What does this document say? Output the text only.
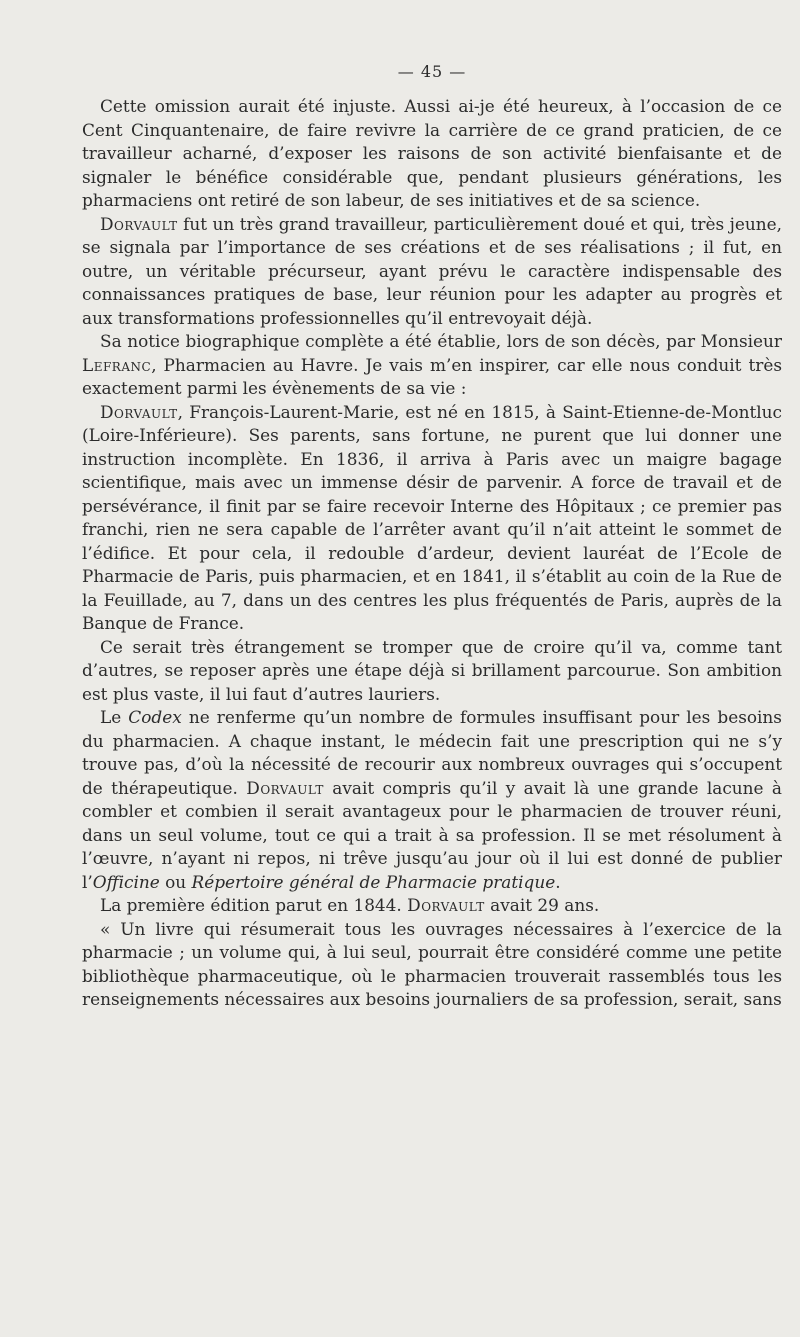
— 45 —

Cette omission aurait été injuste. Aussi ai-je été heureux, à l’occasion de ce Cent Cinquantenaire, de faire revivre la carrière de ce grand praticien, de ce travailleur acharné, d’exposer les raisons de son activité bienfaisante et de signaler le bénéfice considérable que, pendant plusieurs générations, les pharmaciens ont retiré de son labeur, de ses initiatives et de sa science.

Dorvault fut un très grand travailleur, particulièrement doué et qui, très jeune, se signala par l’importance de ses créations et de ses réalisations ; il fut, en outre, un véritable précurseur, ayant prévu le caractère indispensable des connaissances pratiques de base, leur réunion pour les adapter au progrès et aux transformations professionnelles qu’il entrevoyait déjà.

Sa notice biographique complète a été établie, lors de son décès, par Monsieur Lefranc, Pharmacien au Havre. Je vais m’en inspirer, car elle nous conduit très exactement parmi les évènements de sa vie :

Dorvault, François-Laurent-Marie, est né en 1815, à Saint-Etienne-de-Montluc (Loire-Inférieure). Ses parents, sans fortune, ne purent que lui donner une instruction incomplète. En 1836, il arriva à Paris avec un maigre bagage scientifique, mais avec un immense désir de parvenir. A force de travail et de persévérance, il finit par se faire recevoir Interne des Hôpitaux ; ce premier pas franchi, rien ne sera capable de l’arrêter avant qu’il n’ait atteint le sommet de l’édifice. Et pour cela, il redouble d’ardeur, devient lauréat de l’Ecole de Pharmacie de Paris, puis pharmacien, et en 1841, il s’établit au coin de la Rue de la Feuillade, au 7, dans un des centres les plus fréquentés de Paris, auprès de la Banque de France.

Ce serait très étrangement se tromper que de croire qu’il va, comme tant d’autres, se reposer après une étape déjà si brillament parcourue. Son ambition est plus vaste, il lui faut d’autres lauriers.

Le Codex ne renferme qu’un nombre de formules insuffisant pour les besoins du pharmacien. A chaque instant, le médecin fait une prescription qui ne s’y trouve pas, d’où la nécessité de recourir aux nombreux ouvrages qui s’occupent de thérapeutique. Dorvault avait compris qu’il y avait là une grande lacune à combler et combien il serait avantageux pour le pharmacien de trouver réuni, dans un seul volume, tout ce qui a trait à sa profession. Il se met résolument à l’œuvre, n’ayant ni repos, ni trêve jusqu’au jour où il lui est donné de publier l’Officine ou Répertoire général de Pharmacie pratique.

La première édition parut en 1844. Dorvault avait 29 ans.

« Un livre qui résumerait tous les ouvrages nécessaires à l’exercice de la pharmacie ; un volume qui, à lui seul, pourrait être considéré comme une petite bibliothèque pharmaceutique, où le pharmacien trouverait rassemblés tous les renseignements nécessaires aux besoins journaliers de sa profession, serait, sans
